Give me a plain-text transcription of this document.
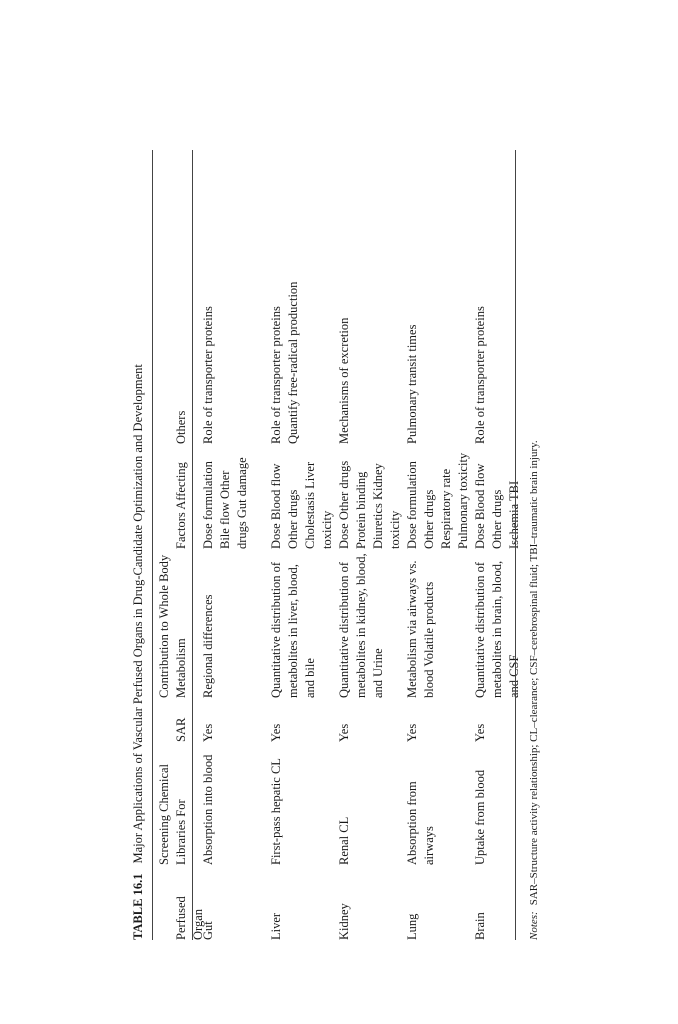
TABLE 16.1Major Applications of Vascular Perfused Organs in Drug-Candidate Optimization and Development
Perfused Organ
Screening Chemical Libraries For
SAR
Contribution to Whole Body Metabolism
Factors Affecting
Others
Gut
Absorption into blood
Yes
Regional differences
Dose formulation Bile flow Other drugs Gut damage
Role of transporter proteins
Liver
First-pass hepatic CL
Yes
Quantitative distribution of metabolites in liver, blood, and bile
Dose Blood flow Other drugs Cholestasis Liver toxicity
Role of transporter proteins Quantify free-radical production
Kidney
Renal CL
Yes
Quantitative distribution of metabolites in kidney, blood, and Urine
Dose Other drugs Protein binding Diuretics Kidney toxicity
Mechanisms of excretion
Lung
Absorption from airways
Yes
Metabolism via airways vs. blood Volatile products
Dose formulation Other drugs Respiratory rate Pulmonary toxicity
Pulmonary transit times
Brain
Uptake from blood
Yes
Quantitative distribution of metabolites in brain, blood, and CSF
Dose Blood flow Other drugs Ischemia TBI
Role of transporter proteins
Notes:SAR–Structure activity relationship; CL–clearance; CSF–cerebrospinal fluid; TBI–traumatic brain injury.
